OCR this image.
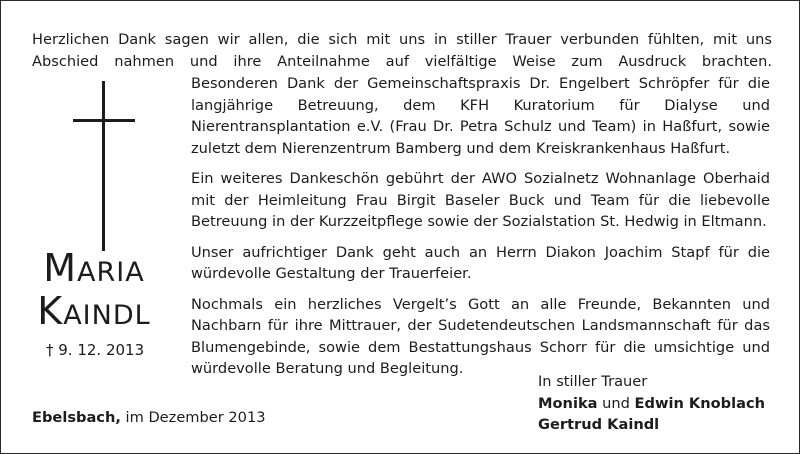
Herzlichen Dank sagen wir allen, die sich mit uns in stiller Trauer verbunden fühlten, mit uns Abschied nahmen und ihre Anteilnahme auf vielfältige Weise zum Ausdruck brachten.
Maria
Kaindl
† 9. 12. 2013

Besonderen Dank der Gemeinschaftspraxis Dr. Engelbert Schröpfer für die langjährige Betreuung, dem KFH Kuratorium für Dialyse und Nierentransplantation e.V. (Frau Dr. Petra Schulz und Team) in Haßfurt, sowie zuletzt dem Nierenzentrum Bamberg und dem Kreiskrankenhaus Haßfurt.

Ein weiteres Dankeschön gebührt der AWO Sozialnetz Wohnanlage Oberhaid mit der Heimleitung Frau Birgit Baseler Buck und Team für die liebevolle Betreuung in der Kurzzeitpflege sowie der Sozialstation St. Hedwig in Eltmann.

Unser aufrichtiger Dank geht auch an Herrn Diakon Joachim Stapf für die würdevolle Gestaltung der Trauerfeier.

Nochmals ein herzliches Vergelt’s Gott an alle Freunde, Bekannten und Nachbarn für ihre Mittrauer, der Sudetendeutschen Landsmannschaft für das Blumengebinde, sowie dem Bestattungshaus Schorr für die umsichtige und würdevolle Beratung und Begleitung.

Ebelsbach, im Dezember 2013
In stiller Trauer
Monika und Edwin Knoblach
Gertrud Kaindl
